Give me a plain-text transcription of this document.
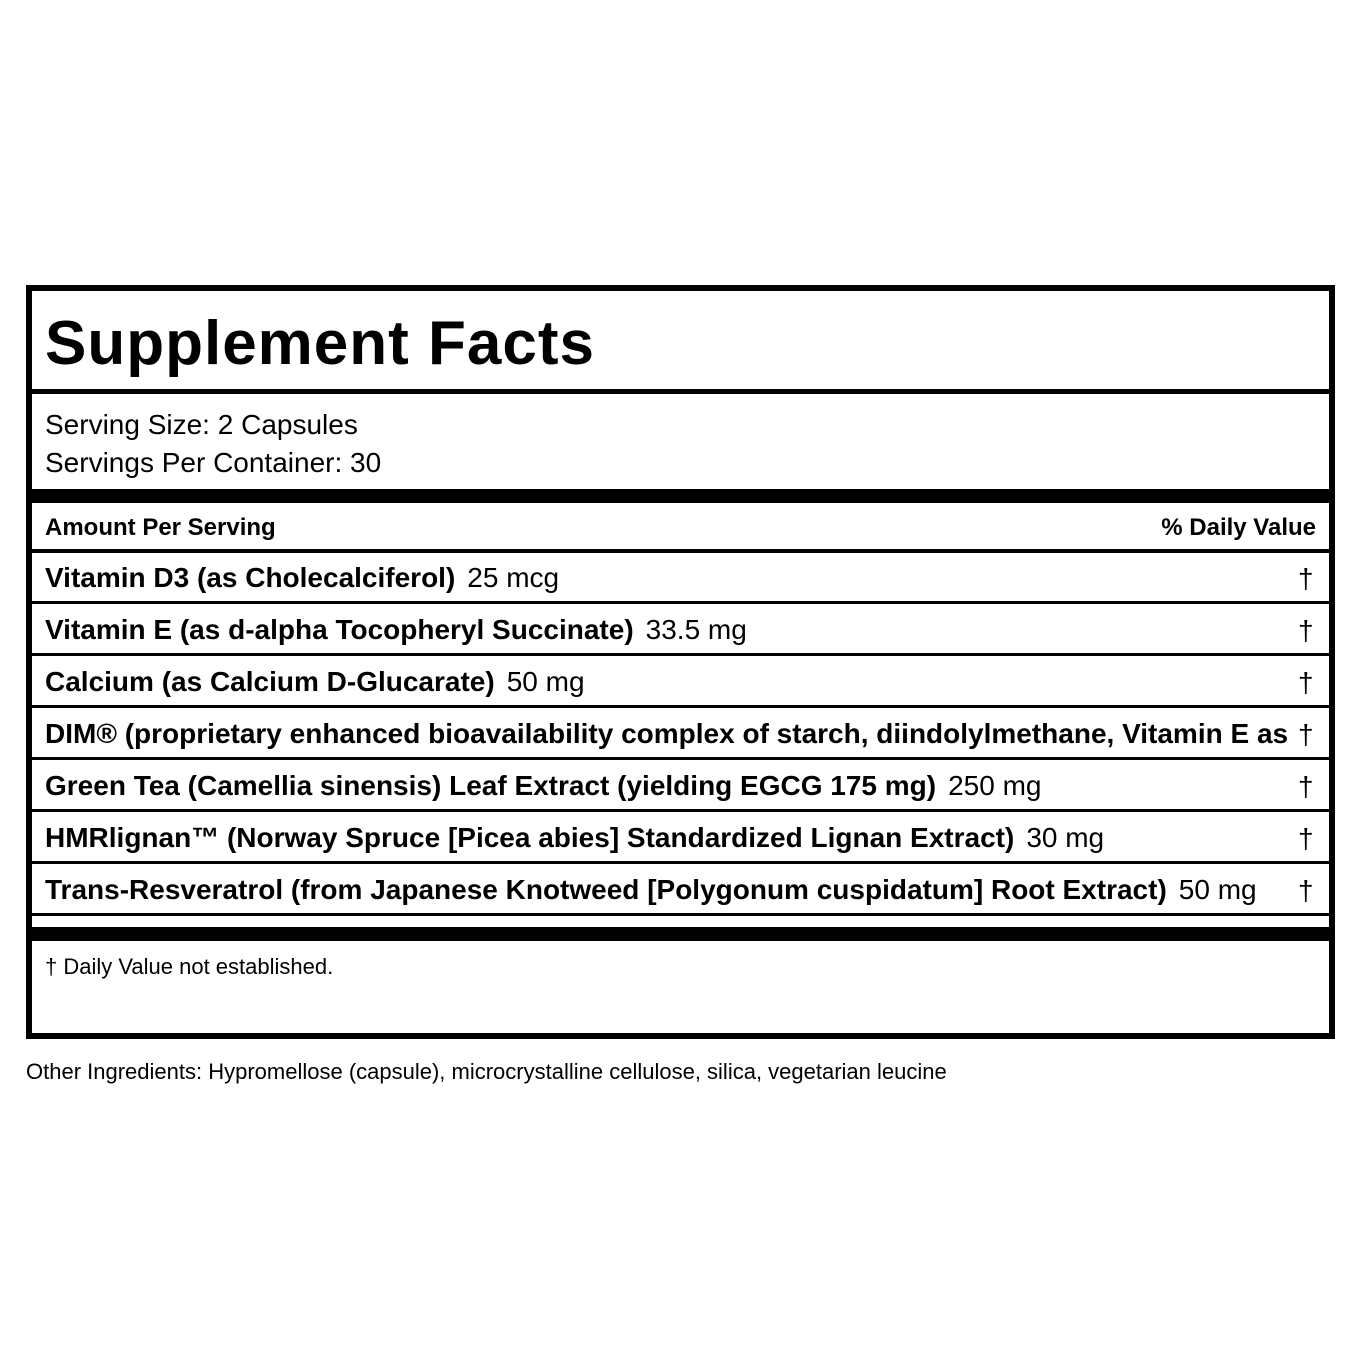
Supplement Facts
Serving Size: 2 Capsules
Servings Per Container: 30
Amount Per Serving	% Daily Value
Vitamin D3 (as Cholecalciferol) 25 mcg	†
Vitamin E (as d-alpha Tocopheryl Succinate) 33.5 mg	†
Calcium (as Calcium D-Glucarate) 50 mg	†
DIM® (proprietary enhanced bioavailability complex of starch, diindolylmethane, Vitamin E as †
Green Tea (Camellia sinensis) Leaf Extract (yielding EGCG 175 mg) 250 mg	†
HMRlignan™ (Norway Spruce [Picea abies] Standardized Lignan Extract) 30 mg	†
Trans-Resveratrol (from Japanese Knotweed [Polygonum cuspidatum] Root Extract) 50 mg †
† Daily Value not established.
Other Ingredients: Hypromellose (capsule), microcrystalline cellulose, silica, vegetarian leucine
